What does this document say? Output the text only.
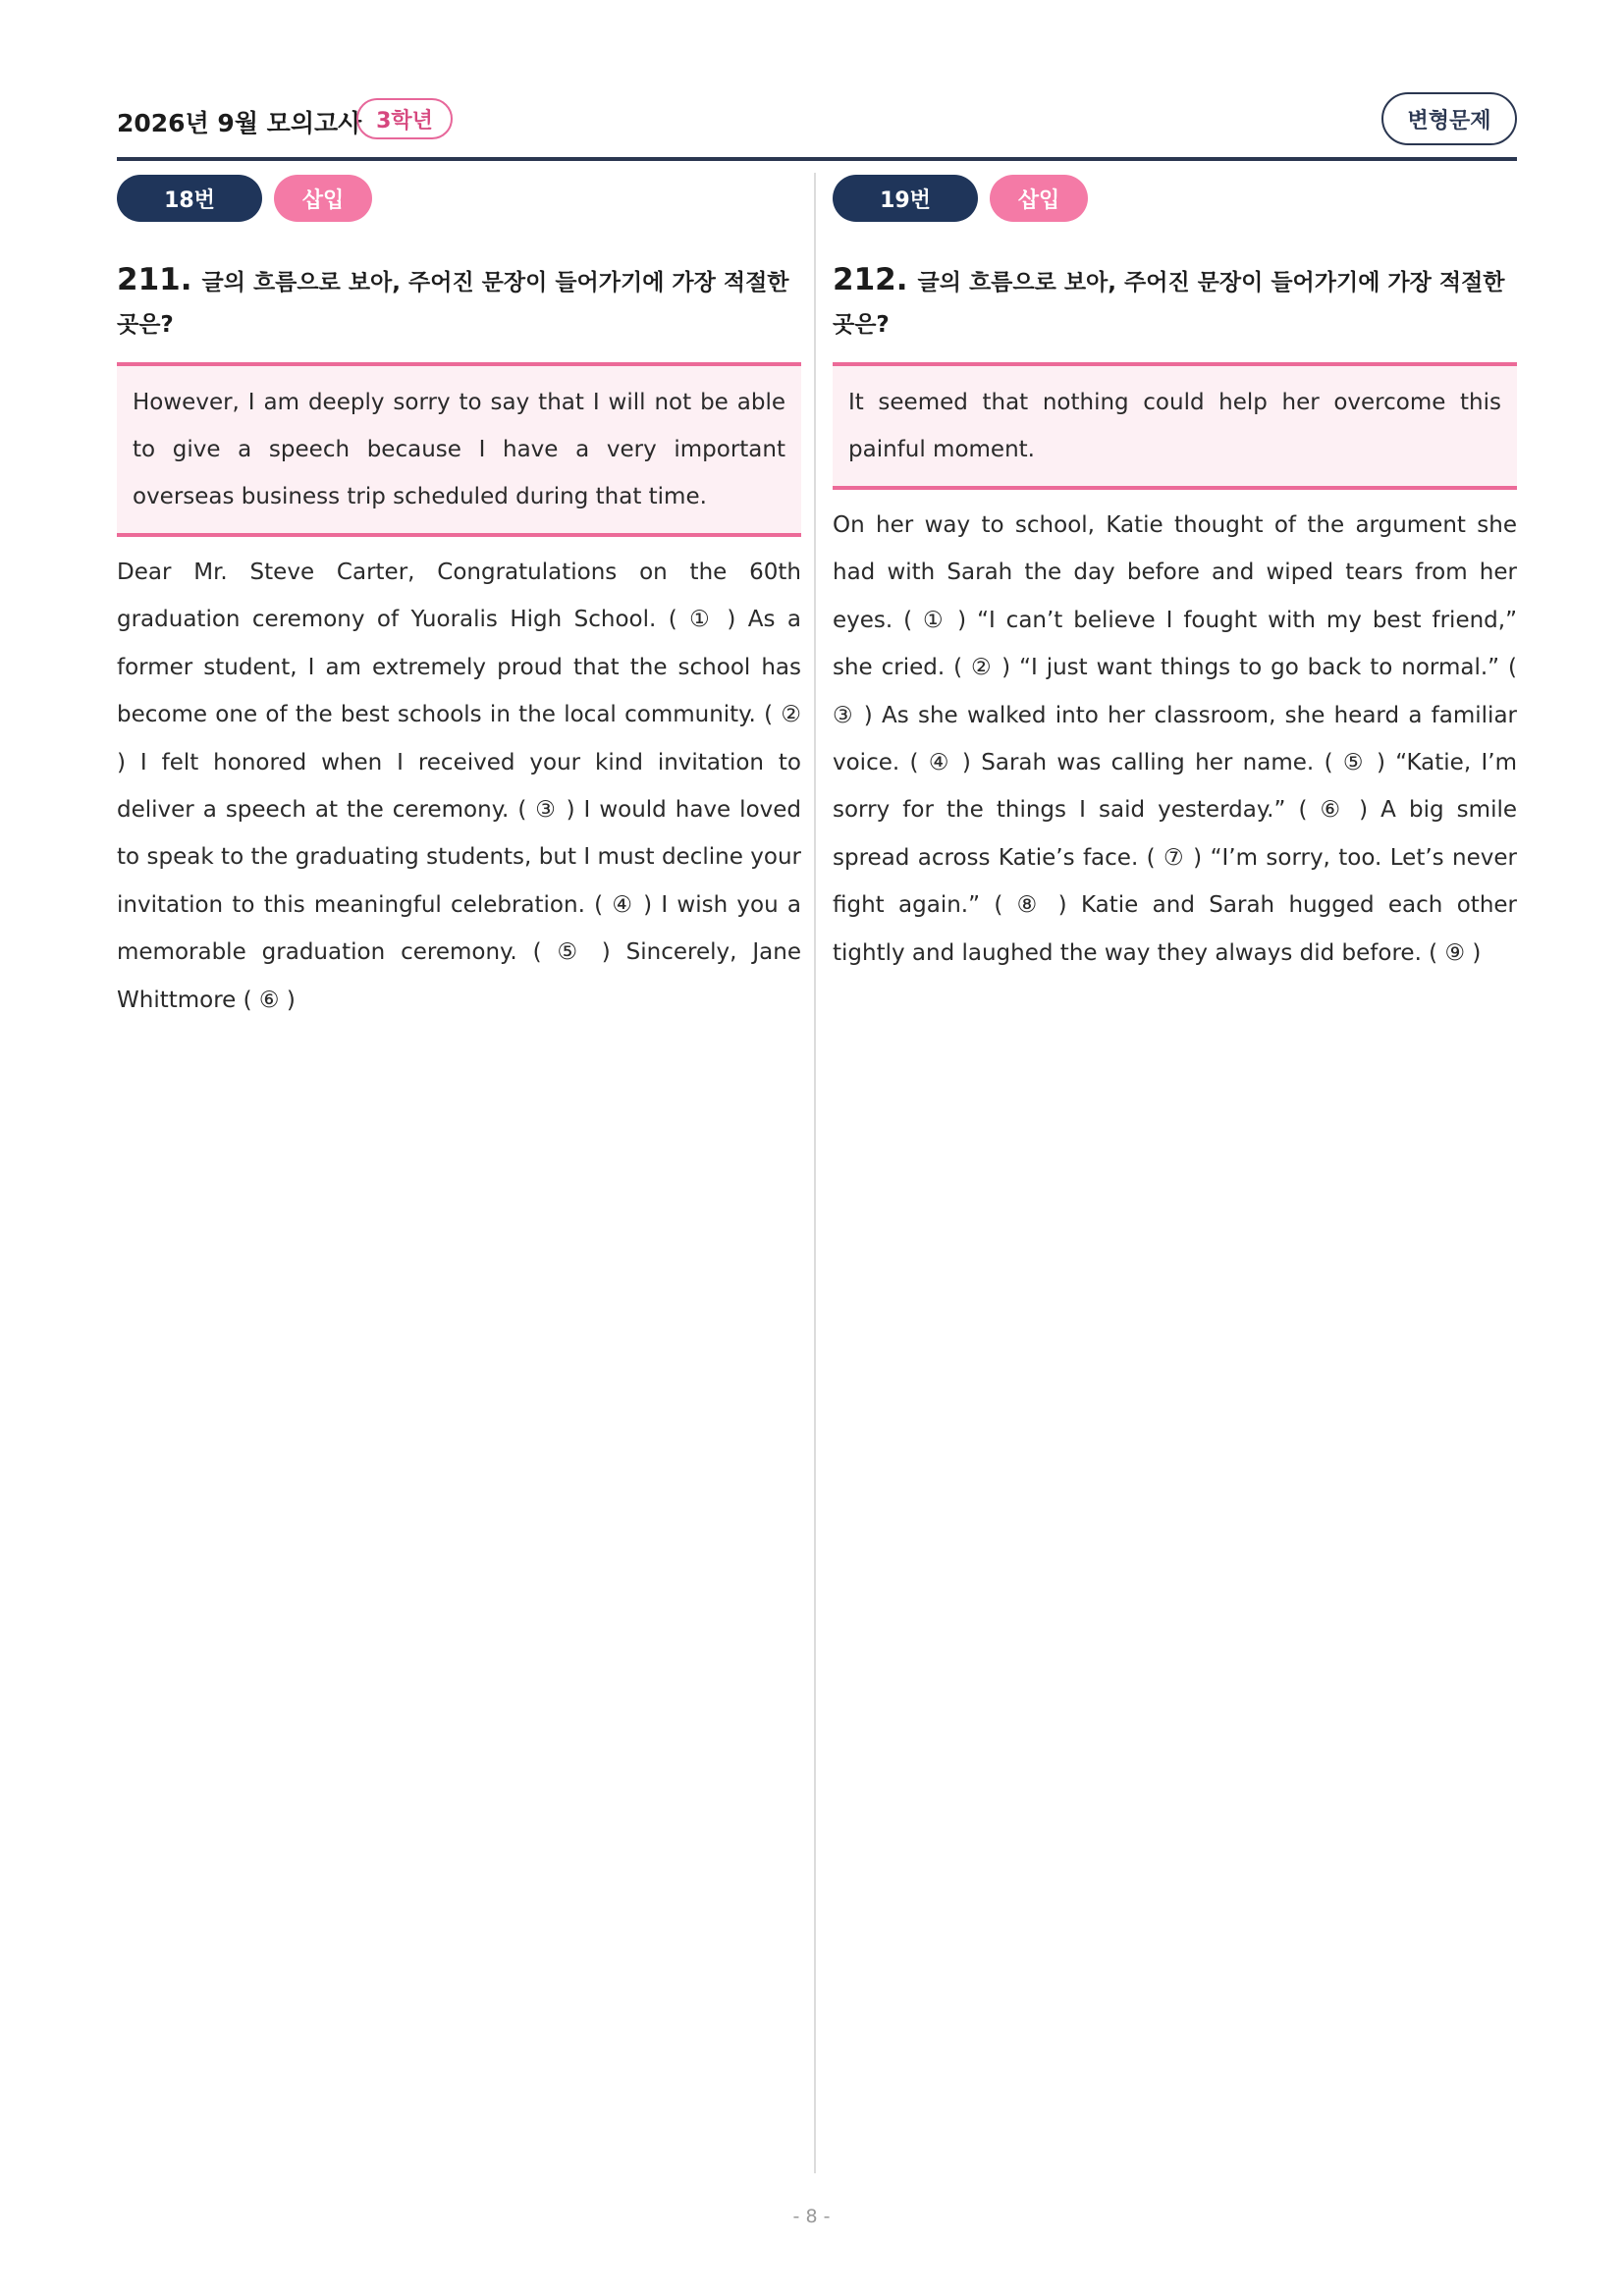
2026년 9월 모의고사 3학년	변형문제
18번	삽입
211. 글의 흐름으로 보아, 주어진 문장이 들어가기에 가장 적절한 곳은?
However, I am deeply sorry to say that I will not be able to give a speech because I have a very important overseas business trip scheduled during that time.
Dear Mr. Steve Carter, Congratulations on the 60th graduation ceremony of Yuoralis High School. ( ① ) As a former student, I am extremely proud that the school has become one of the best schools in the local community. ( ② ) I felt honored when I received your kind invitation to deliver a speech at the ceremony. ( ③ ) I would have loved to speak to the graduating students, but I must decline your invitation to this meaningful celebration. ( ④ ) I wish you a memorable graduation ceremony. ( ⑤ ) Sincerely, Jane Whittmore ( ⑥ )
19번	삽입
212. 글의 흐름으로 보아, 주어진 문장이 들어가기에 가장 적절한 곳은?
It seemed that nothing could help her overcome this painful moment.
On her way to school, Katie thought of the argument she had with Sarah the day before and wiped tears from her eyes. ( ① ) “I can’t believe I fought with my best friend,” she cried. ( ② ) “I just want things to go back to normal.” ( ③ ) As she walked into her classroom, she heard a familiar voice. ( ④ ) Sarah was calling her name. ( ⑤ ) “Katie, I’m sorry for the things I said yesterday.” ( ⑥ ) A big smile spread across Katie’s face. ( ⑦ ) “I’m sorry, too. Let’s never fight again.” ( ⑧ ) Katie and Sarah hugged each other tightly and laughed the way they always did before. ( ⑨ )
- 8 -
